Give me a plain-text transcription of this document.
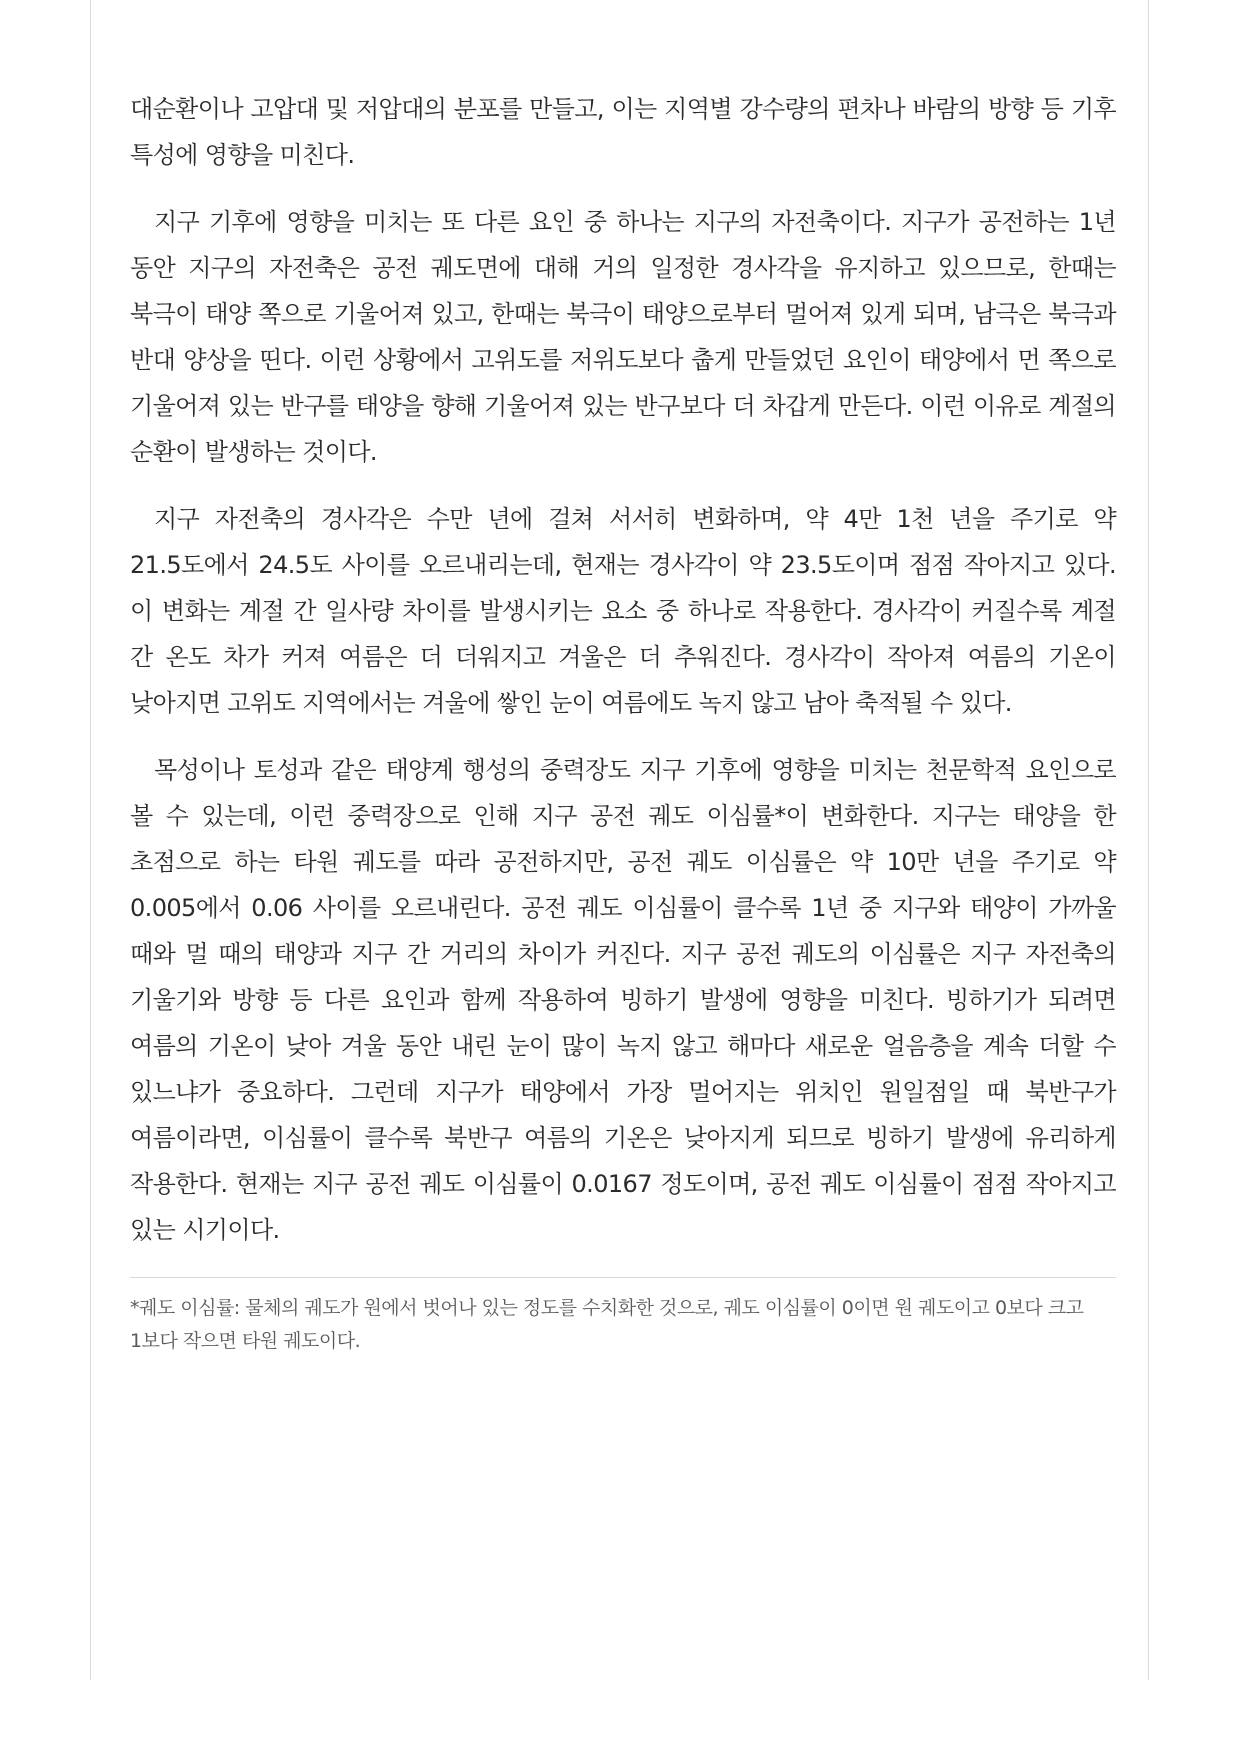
대순환이나 고압대 및 저압대의 분포를 만들고, 이는 지역별 강수량의 편차나 바람의 방향 등 기후 특성에 영향을 미친다.

지구 기후에 영향을 미치는 또 다른 요인 중 하나는 지구의 자전축이다. 지구가 공전하는 1년 동안 지구의 자전축은 공전 궤도면에 대해 거의 일정한 경사각을 유지하고 있으므로, 한때는 북극이 태양 쪽으로 기울어져 있고, 한때는 북극이 태양으로부터 멀어져 있게 되며, 남극은 북극과 반대 양상을 띤다. 이런 상황에서 고위도를 저위도보다 춥게 만들었던 요인이 태양에서 먼 쪽으로 기울어져 있는 반구를 태양을 향해 기울어져 있는 반구보다 더 차갑게 만든다. 이런 이유로 계절의 순환이 발생하는 것이다.

지구 자전축의 경사각은 수만 년에 걸쳐 서서히 변화하며, 약 4만 1천 년을 주기로 약 21.5도에서 24.5도 사이를 오르내리는데, 현재는 경사각이 약 23.5도이며 점점 작아지고 있다. 이 변화는 계절 간 일사량 차이를 발생시키는 요소 중 하나로 작용한다. 경사각이 커질수록 계절 간 온도 차가 커져 여름은 더 더워지고 겨울은 더 추워진다. 경사각이 작아져 여름의 기온이 낮아지면 고위도 지역에서는 겨울에 쌓인 눈이 여름에도 녹지 않고 남아 축적될 수 있다.

목성이나 토성과 같은 태양계 행성의 중력장도 지구 기후에 영향을 미치는 천문학적 요인으로 볼 수 있는데, 이런 중력장으로 인해 지구 공전 궤도 이심률*이 변화한다. 지구는 태양을 한 초점으로 하는 타원 궤도를 따라 공전하지만, 공전 궤도 이심률은 약 10만 년을 주기로 약 0.005에서 0.06 사이를 오르내린다. 공전 궤도 이심률이 클수록 1년 중 지구와 태양이 가까울 때와 멀 때의 태양과 지구 간 거리의 차이가 커진다. 지구 공전 궤도의 이심률은 지구 자전축의 기울기와 방향 등 다른 요인과 함께 작용하여 빙하기 발생에 영향을 미친다. 빙하기가 되려면 여름의 기온이 낮아 겨울 동안 내린 눈이 많이 녹지 않고 해마다 새로운 얼음층을 계속 더할 수 있느냐가 중요하다. 그런데 지구가 태양에서 가장 멀어지는 위치인 원일점일 때 북반구가 여름이라면, 이심률이 클수록 북반구 여름의 기온은 낮아지게 되므로 빙하기 발생에 유리하게 작용한다. 현재는 지구 공전 궤도 이심률이 0.0167 정도이며, 공전 궤도 이심률이 점점 작아지고 있는 시기이다.

*궤도 이심률: 물체의 궤도가 원에서 벗어나 있는 정도를 수치화한 것으로, 궤도 이심률이 0이면 원 궤도이고 0보다 크고 1보다 작으면 타원 궤도이다.
